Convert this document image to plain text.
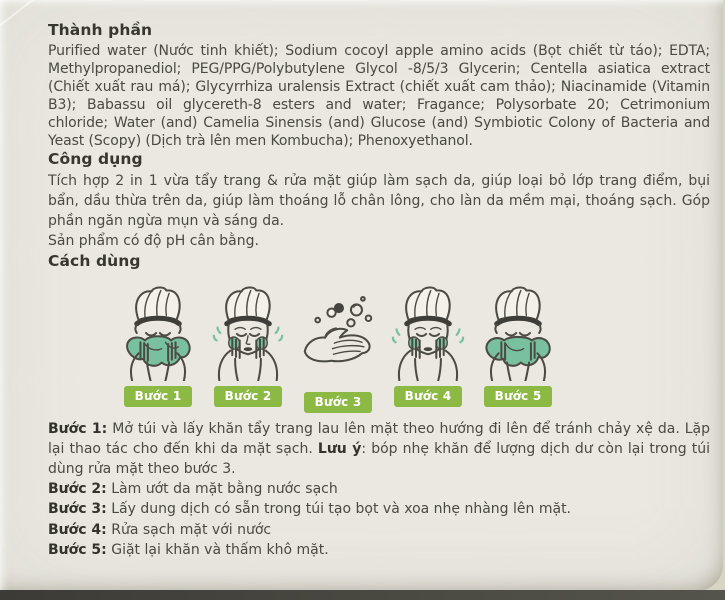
Thành phần

Purified water (Nước tinh khiết); Sodium cocoyl apple amino acids (Bọt chiết từ táo); EDTA; Methylpropanediol; PEG/PPG/Polybutylene Glycol -8/5/3 Glycerin; Centella asiatica extract (Chiết xuất rau má); Glycyrrhiza uralensis Extract (chiết xuất cam thảo); Niacinamide (Vitamin B3); Babassu oil glycereth-8 esters and water; Fragance; Polysorbate 20; Cetrimonium chloride; Water (and) Camelia Sinensis (and) Glucose (and) Symbiotic Colony of Bacteria and Yeast (Scopy) (Dịch trà lên men Kombucha); Phenoxyethanol.

Công dụng

Tích hợp 2 in 1 vừa tẩy trang & rửa mặt giúp làm sạch da, giúp loại bỏ lớp trang điểm, bụi bẩn, dầu thừa trên da, giúp làm thoáng lỗ chân lông, cho làn da mềm mại, thoáng sạch. Góp phần ngăn ngừa mụn và sáng da.

Sản phẩm có độ pH cân bằng.

Cách dùng
Bước 1	Bước 2	Bước 3	Bước 4	Bước 5

Bước 1: Mở túi và lấy khăn tẩy trang lau lên mặt theo hướng đi lên để tránh chảy xệ da. Lặp lại thao tác cho đến khi da mặt sạch. Lưu ý: bóp nhẹ khăn để lượng dịch dư còn lại trong túi dùng rửa mặt theo bước 3.

Bước 2: Làm ướt da mặt bằng nước sạch

Bước 3: Lấy dung dịch có sẵn trong túi tạo bọt và xoa nhẹ nhàng lên mặt.

Bước 4: Rửa sạch mặt với nước

Bước 5: Giặt lại khăn và thấm khô mặt.
